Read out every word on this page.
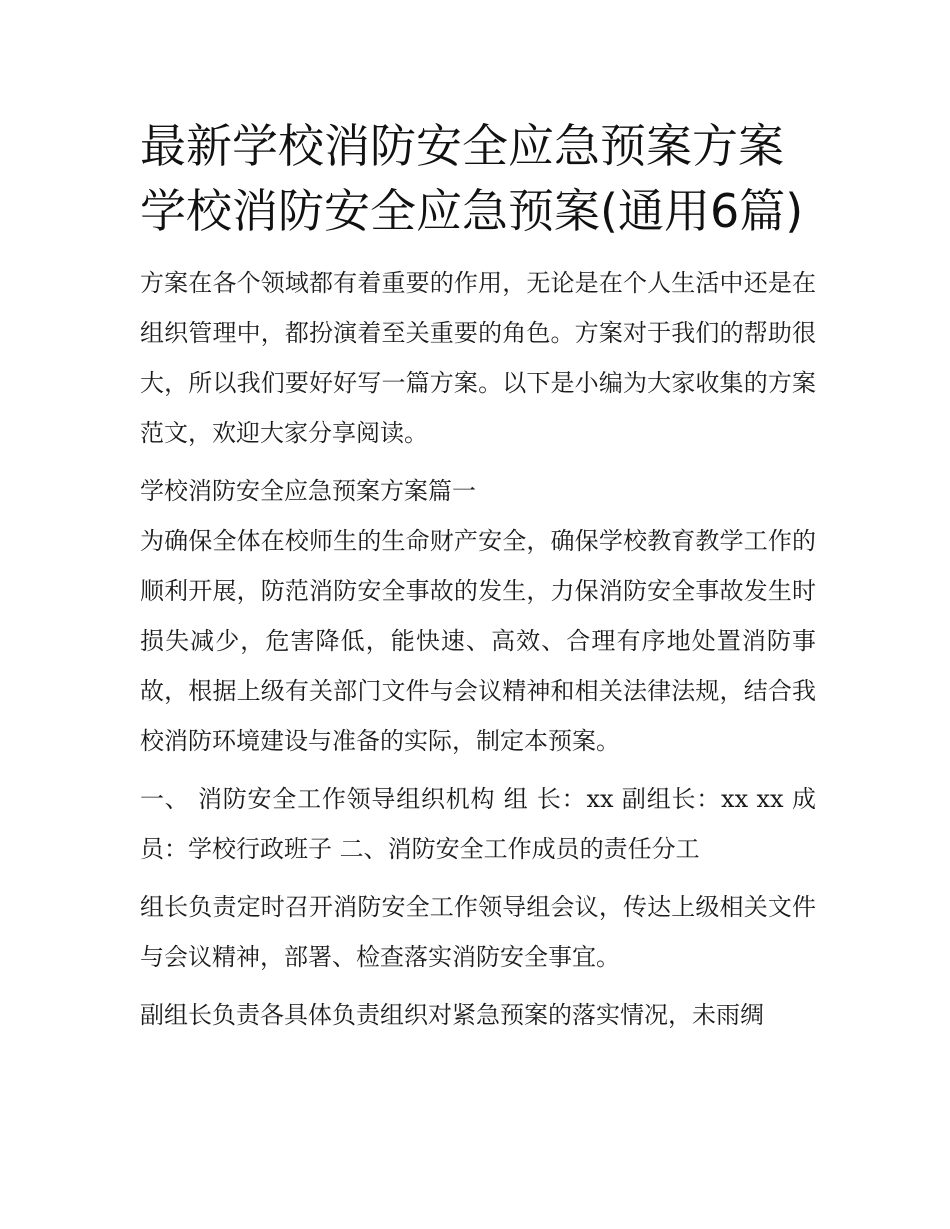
最新学校消防安全应急预案方案 学校消防安全应急预案(通用6篇)

方案在各个领域都有着重要的作用，无论是在个人生活中还是在组织管理中，都扮演着至关重要的角色。方案对于我们的帮助很大，所以我们要好好写一篇方案。以下是小编为大家收集的方案范文，欢迎大家分享阅读。

学校消防安全应急预案方案篇一

为确保全体在校师生的生命财产安全，确保学校教育教学工作的顺利开展，防范消防安全事故的发生，力保消防安全事故发生时损失减少，危害降低，能快速、高效、合理有序地处置消防事故，根据上级有关部门文件与会议精神和相关法律法规，结合我校消防环境建设与准备的实际，制定本预案。

一、 消防安全工作领导组织机构 组 长：xx 副组长：xx xx 成员：学校行政班子 二、消防安全工作成员的责任分工

组长负责定时召开消防安全工作领导组会议，传达上级相关文件与会议精神，部署、检查落实消防安全事宜。

副组长负责各具体负责组织对紧急预案的落实情况，未雨绸
